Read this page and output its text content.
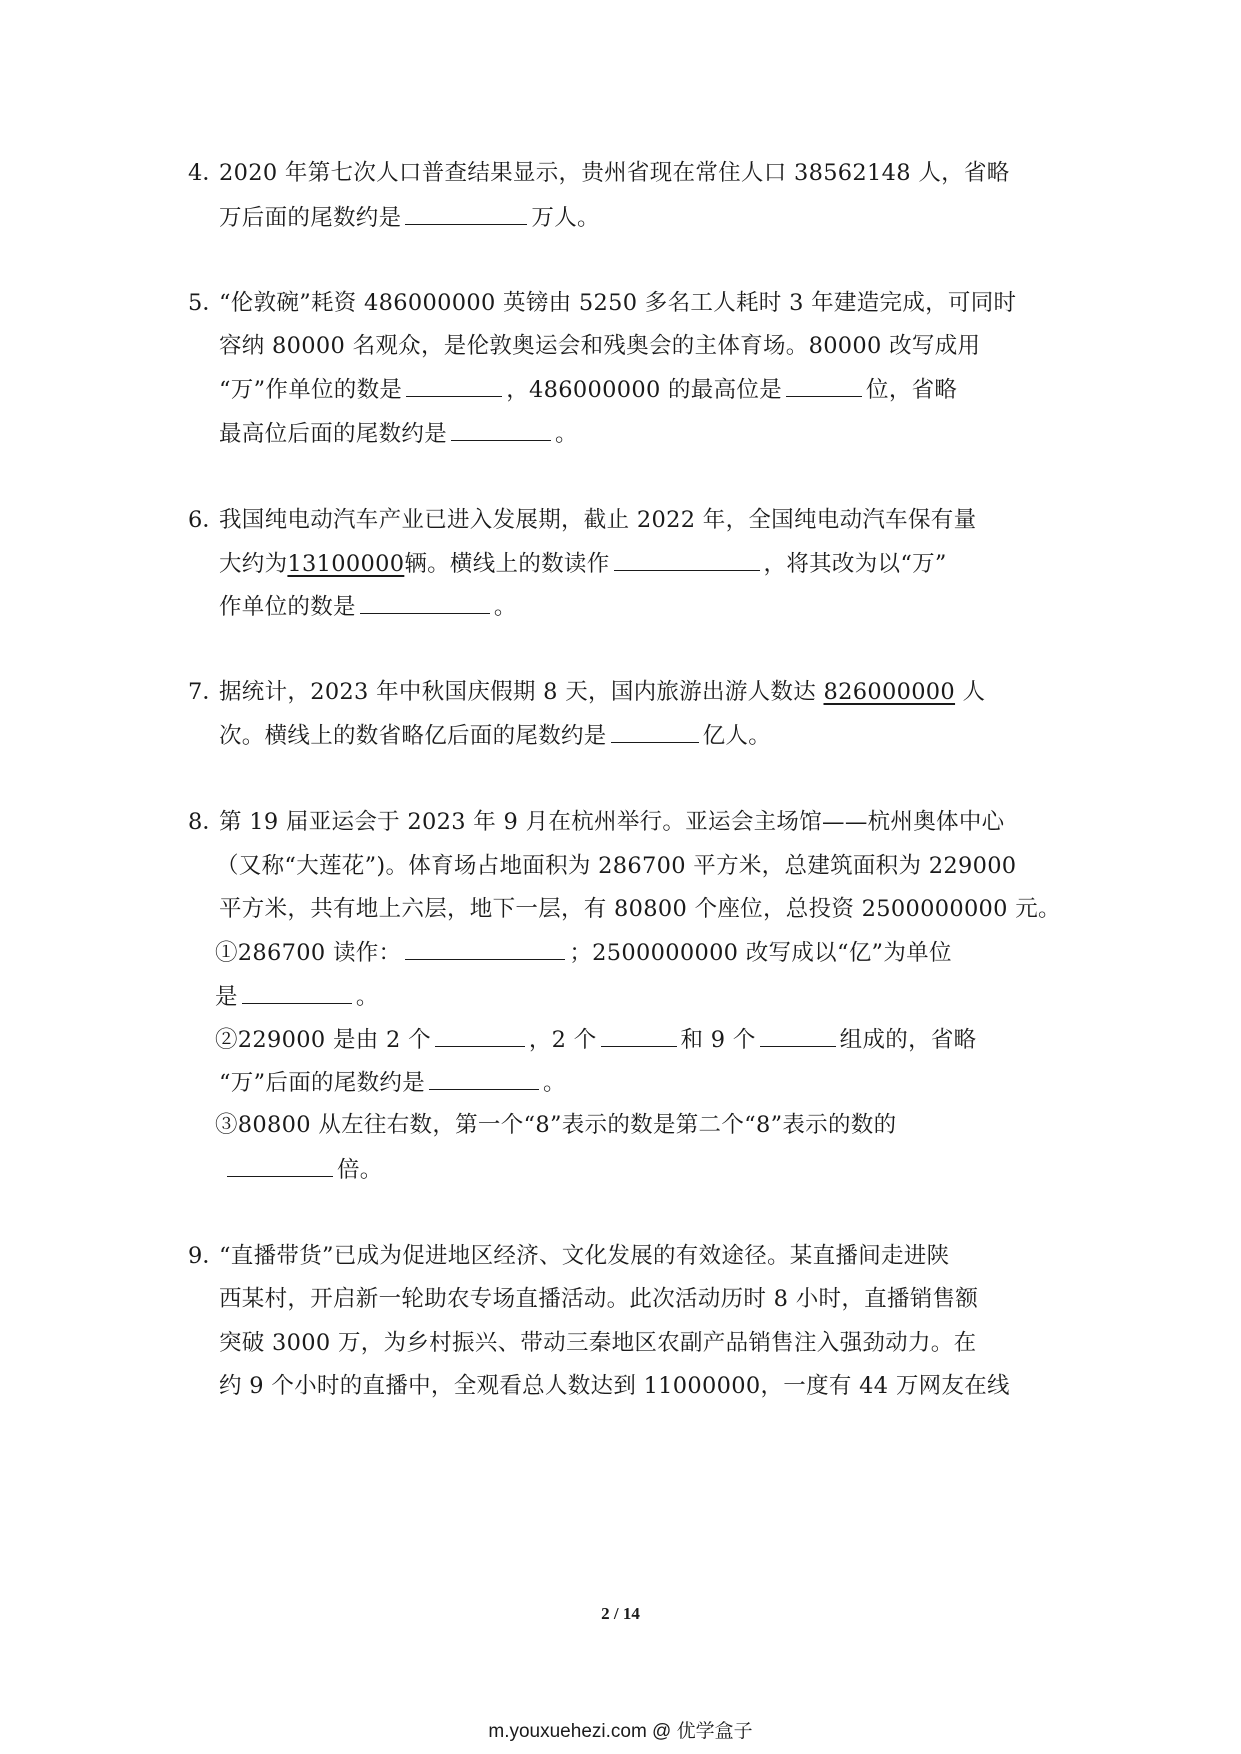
4．
2020 年第七次人口普查结果显示，贵州省现在常住人口 38562148 人，省略
万后面的尾数约是	万人。
5．
“伦敦碗”耗资 486000000 英镑由 5250 多名工人耗时 3 年建造完成，可同时
容纳 80000 名观众，是伦敦奥运会和残奥会的主体育场。80000 改写成用
“万”作单位的数是	，486000000 的最高位是	位，省略
最高位后面的尾数约是	。
6．
我国纯电动汽车产业已进入发展期，截止 2022 年，全国纯电动汽车保有量
大约为13100000辆。横线上的数读作	，将其改为以“万”
作单位的数是	。
7．
据统计，2023 年中秋国庆假期 8 天，国内旅游出游人数达 826000000 人
次。横线上的数省略亿后面的尾数约是	亿人。
8．
第 19 届亚运会于 2023 年 9 月在杭州举行。亚运会主场馆——杭州奥体中心
（又称“大莲花”)。体育场占地面积为 286700 平方米，总建筑面积为 229000
平方米，共有地上六层，地下一层，有 80800 个座位，总投资 2500000000 元。
①286700 读作：	；2500000000 改写成以“亿”为单位
是	。
②229000 是由 2 个	，2 个	和 9 个	组成的，省略
“万”后面的尾数约是	。
③80800 从左往右数，第一个“8”表示的数是第二个“8”表示的数的
倍。
9．
“直播带货”已成为促进地区经济、文化发展的有效途径。某直播间走进陕
西某村，开启新一轮助农专场直播活动。此次活动历时 8 小时，直播销售额
突破 3000 万，为乡村振兴、带动三秦地区农副产品销售注入强劲动力。在
约 9 个小时的直播中，全观看总人数达到 11000000，一度有 44 万网友在线
2 / 14
m.youxuehezi.com @ 优学盒子
